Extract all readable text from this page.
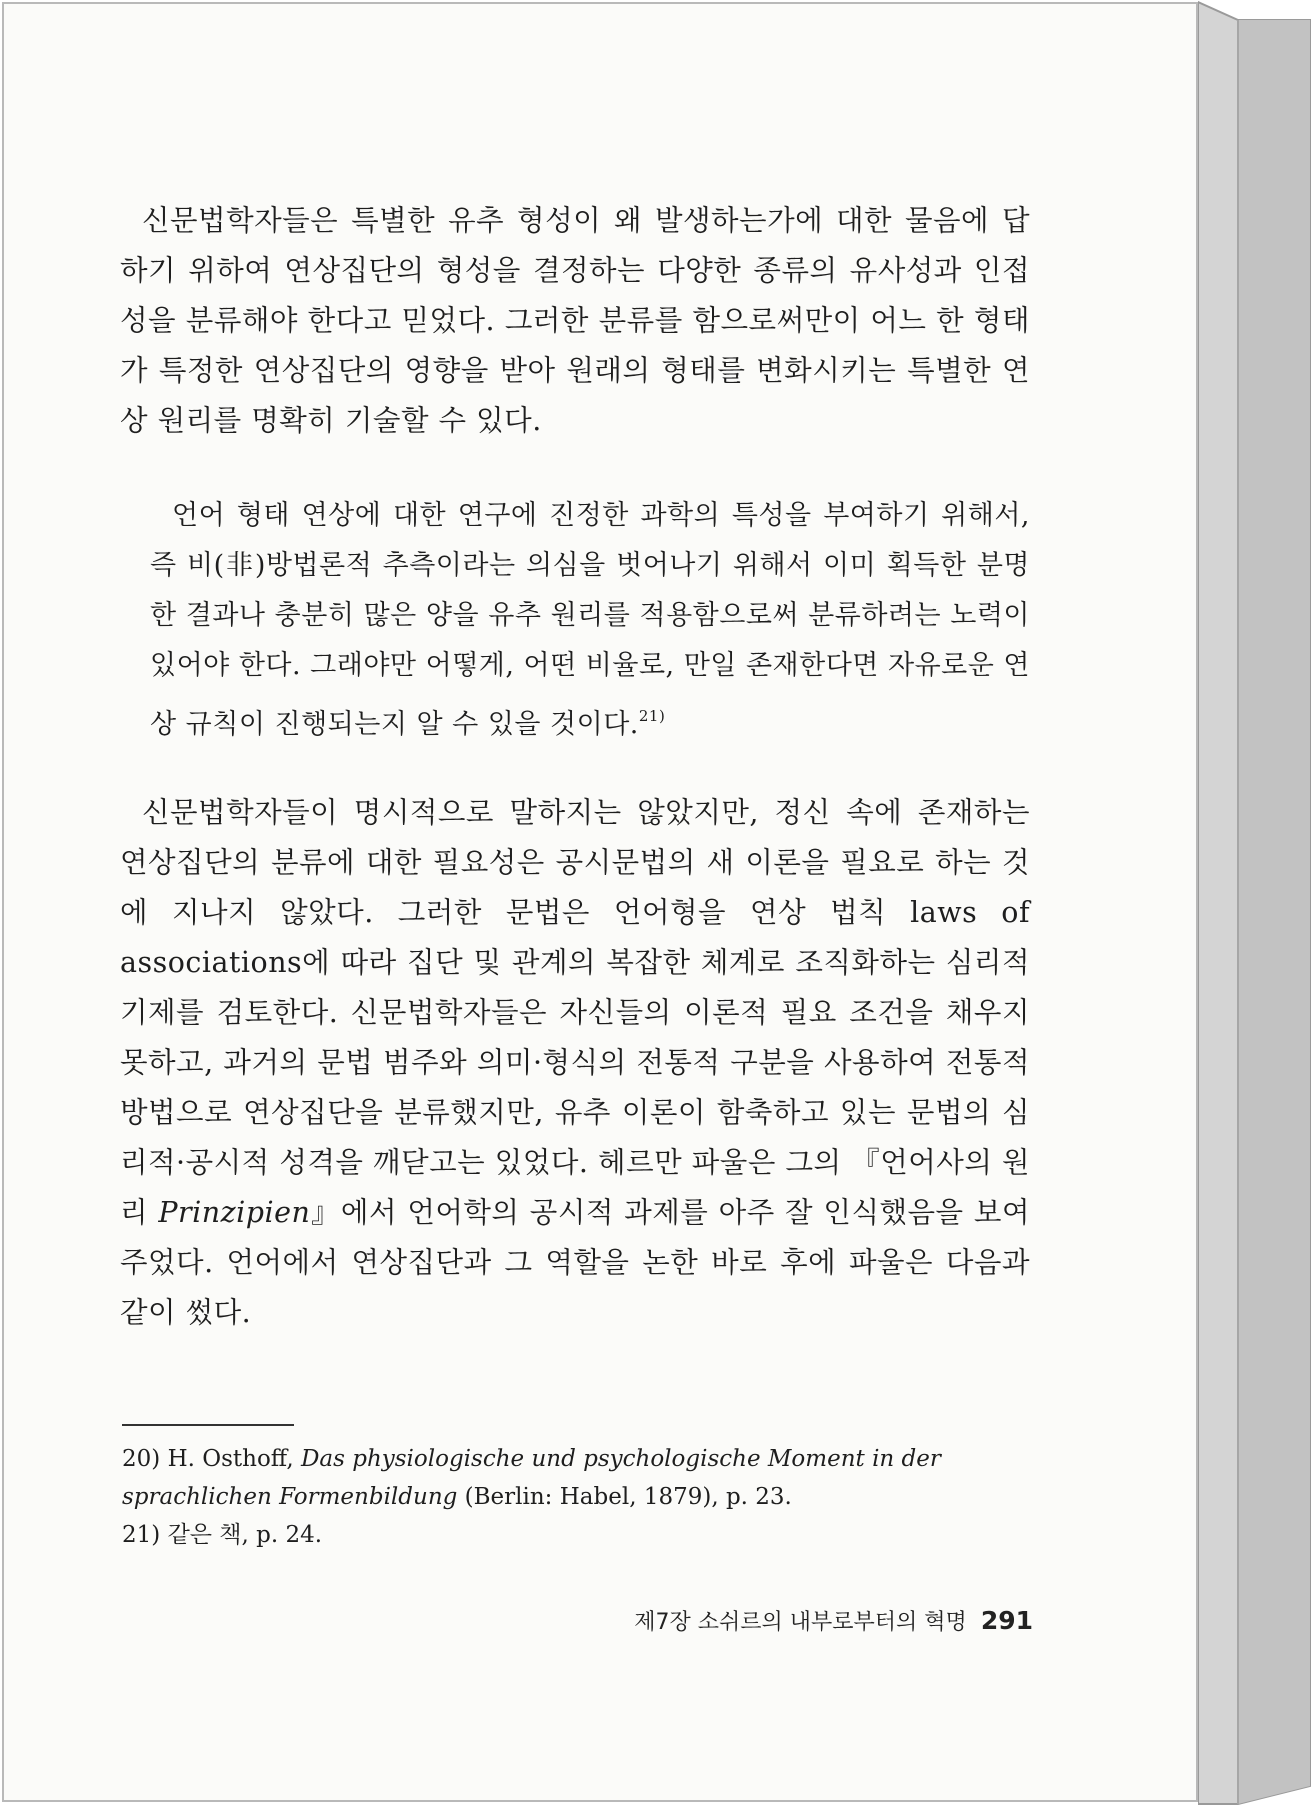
신문법학자들은 특별한 유추 형성이 왜 발생하는가에 대한 물음에 답하기 위하여 연상집단의 형성을 결정하는 다양한 종류의 유사성과 인접성을 분류해야 한다고 믿었다. 그러한 분류를 함으로써만이 어느 한 형태가 특정한 연상집단의 영향을 받아 원래의 형태를 변화시키는 특별한 연상 원리를 명확히 기술할 수 있다.

언어 형태 연상에 대한 연구에 진정한 과학의 특성을 부여하기 위해서, 즉 비(非)방법론적 추측이라는 의심을 벗어나기 위해서 이미 획득한 분명한 결과나 충분히 많은 양을 유추 원리를 적용함으로써 분류하려는 노력이 있어야 한다. 그래야만 어떻게, 어떤 비율로, 만일 존재한다면 자유로운 연상 규칙이 진행되는지 알 수 있을 것이다.$^{21)}$

신문법학자들이 명시적으로 말하지는 않았지만, 정신 속에 존재하는 연상집단의 분류에 대한 필요성은 공시문법의 새 이론을 필요로 하는 것에 지나지 않았다. 그러한 문법은 언어형을 연상 법칙 laws of associations에 따라 집단 및 관계의 복잡한 체계로 조직화하는 심리적 기제를 검토한다. 신문법학자들은 자신들의 이론적 필요 조건을 채우지 못하고, 과거의 문법 범주와 의미·형식의 전통적 구분을 사용하여 전통적 방법으로 연상집단을 분류했지만, 유추 이론이 함축하고 있는 문법의 심리적·공시적 성격을 깨닫고는 있었다. 헤르만 파울은 그의 『언어사의 원리 Prinzipien』에서 언어학의 공시적 과제를 아주 잘 인식했음을 보여 주었다. 언어에서 연상집단과 그 역할을 논한 바로 후에 파울은 다음과 같이 썼다.

20) H. Osthoff, Das physiologische und psychologische Moment in der sprachlichen Formenbildung (Berlin: Habel, 1879), p. 23.

21) 같은 책, p. 24.

제7장 소쉬르의 내부로부터의 혁명 291
